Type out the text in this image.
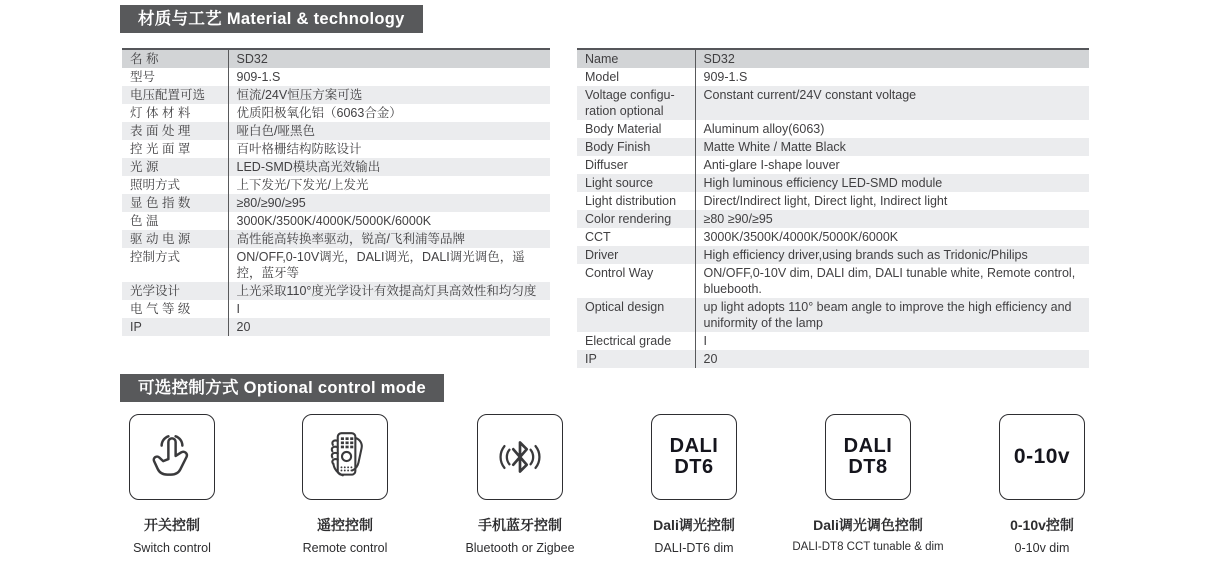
材质与工艺 Material & technology
名 称	SD32
型号	909-1.S
电压配置可选	恒流/24V恒压方案可选
灯 体 材 料	优质阳极氧化铝（6063合金）
表 面 处 理	哑白色/哑黑色
控 光 面 罩	百叶格栅结构防眩设计
光 源	LED-SMD模块高光效输出
照明方式	上下发光/下发光/上发光
显 色 指 数	≥80/≥90/≥95
色 温	3000K/3500K/4000K/5000K/6000K
驱 动 电 源	高性能高转换率驱动，锐高/飞利浦等品牌
控制方式	ON/OFF,0-10V调光，DALI调光，DALI调光调色，遥控，蓝牙等
光学设计	上光采取110°度光学设计有效提高灯具高效性和均匀度
电 气 等 级	I
IP	20
Name	SD32
Model	909-1.S
Voltage configu-ration optional	Constant current/24V constant voltage
Body Material	Aluminum alloy(6063)
Body Finish	Matte White / Matte Black
Diffuser	Anti-glare I-shape louver
Light source	High luminous efficiency LED-SMD module
Light distribution	Direct/Indirect light, Direct light, Indirect light
Color rendering	≥80 ≥90/≥95
CCT	3000K/3500K/4000K/5000K/6000K
Driver	High efficiency driver,using brands such as Tridonic/Philips
Control Way	ON/OFF,0-10V dim, DALI dim, DALI tunable white, Remote control, bluebooth.
Optical design	up light adopts 110° beam angle to improve the high efficiency and uniformity of the lamp
Electrical grade	I
IP	20
可选控制方式 Optional control mode
开关控制
Switch control
遥控控制
Remote control
手机蓝牙控制
Bluetooth or Zigbee
DALI
DT6
Dali调光控制
DALI-DT6 dim
DALI
DT8
Dali调光调色控制
DALI-DT8 CCT tunable & dim
0-10v
0-10v控制
0-10v dim
